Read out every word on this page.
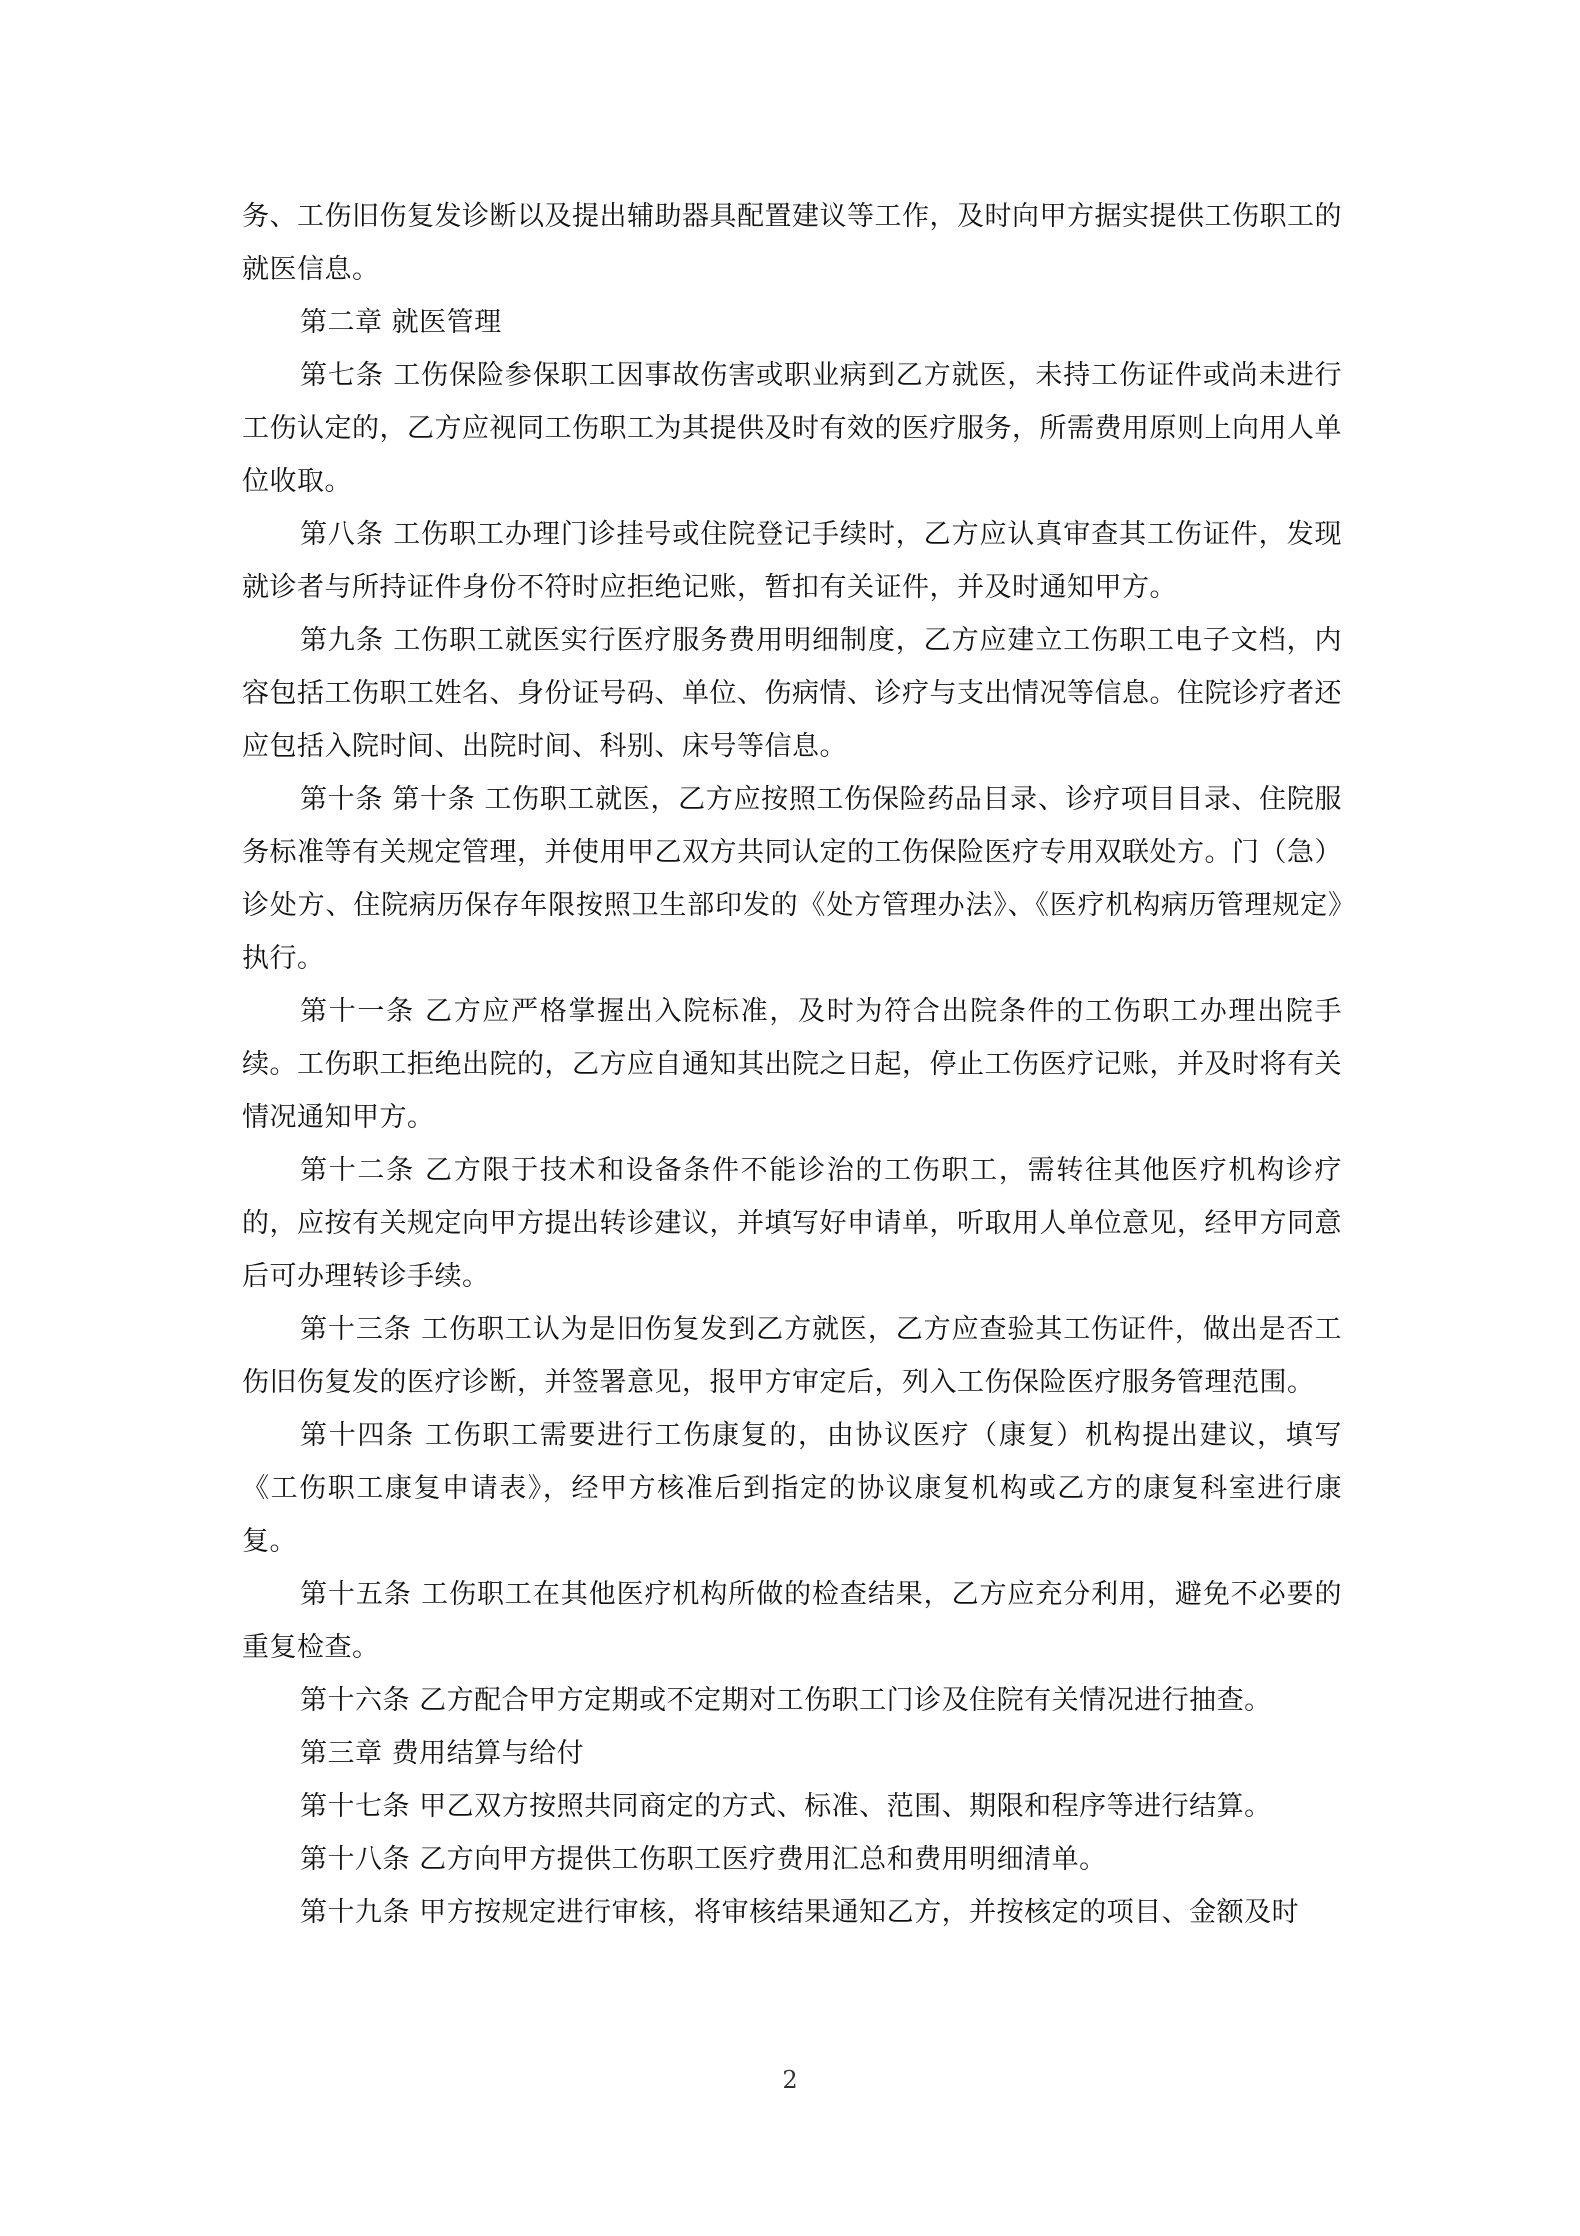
务、工伤旧伤复发诊断以及提出辅助器具配置建议等工作，及时向甲方据实提供工伤职工的就医信息。

第二章 就医管理

第七条 工伤保险参保职工因事故伤害或职业病到乙方就医，未持工伤证件或尚未进行工伤认定的，乙方应视同工伤职工为其提供及时有效的医疗服务，所需费用原则上向用人单位收取。

第八条 工伤职工办理门诊挂号或住院登记手续时，乙方应认真审查其工伤证件，发现就诊者与所持证件身份不符时应拒绝记账，暂扣有关证件，并及时通知甲方。

第九条 工伤职工就医实行医疗服务费用明细制度，乙方应建立工伤职工电子文档，内容包括工伤职工姓名、身份证号码、单位、伤病情、诊疗与支出情况等信息。住院诊疗者还应包括入院时间、出院时间、科别、床号等信息。

第十条 第十条 工伤职工就医，乙方应按照工伤保险药品目录、诊疗项目目录、住院服务标准等有关规定管理，并使用甲乙双方共同认定的工伤保险医疗专用双联处方。门（急）诊处方、住院病历保存年限按照卫生部印发的《处方管理办法》、《医疗机构病历管理规定》执行。

第十一条 乙方应严格掌握出入院标准，及时为符合出院条件的工伤职工办理出院手续。工伤职工拒绝出院的，乙方应自通知其出院之日起，停止工伤医疗记账，并及时将有关情况通知甲方。

第十二条 乙方限于技术和设备条件不能诊治的工伤职工，需转往其他医疗机构诊疗的，应按有关规定向甲方提出转诊建议，并填写好申请单，听取用人单位意见，经甲方同意后可办理转诊手续。

第十三条 工伤职工认为是旧伤复发到乙方就医，乙方应查验其工伤证件，做出是否工伤旧伤复发的医疗诊断，并签署意见，报甲方审定后，列入工伤保险医疗服务管理范围。

第十四条 工伤职工需要进行工伤康复的，由协议医疗（康复）机构提出建议，填写《工伤职工康复申请表》，经甲方核准后到指定的协议康复机构或乙方的康复科室进行康复。

第十五条 工伤职工在其他医疗机构所做的检查结果，乙方应充分利用，避免不必要的重复检查。

第十六条 乙方配合甲方定期或不定期对工伤职工门诊及住院有关情况进行抽查。

第三章 费用结算与给付

第十七条 甲乙双方按照共同商定的方式、标准、范围、期限和程序等进行结算。

第十八条 乙方向甲方提供工伤职工医疗费用汇总和费用明细清单。

第十九条 甲方按规定进行审核，将审核结果通知乙方，并按核定的项目、金额及时

2
